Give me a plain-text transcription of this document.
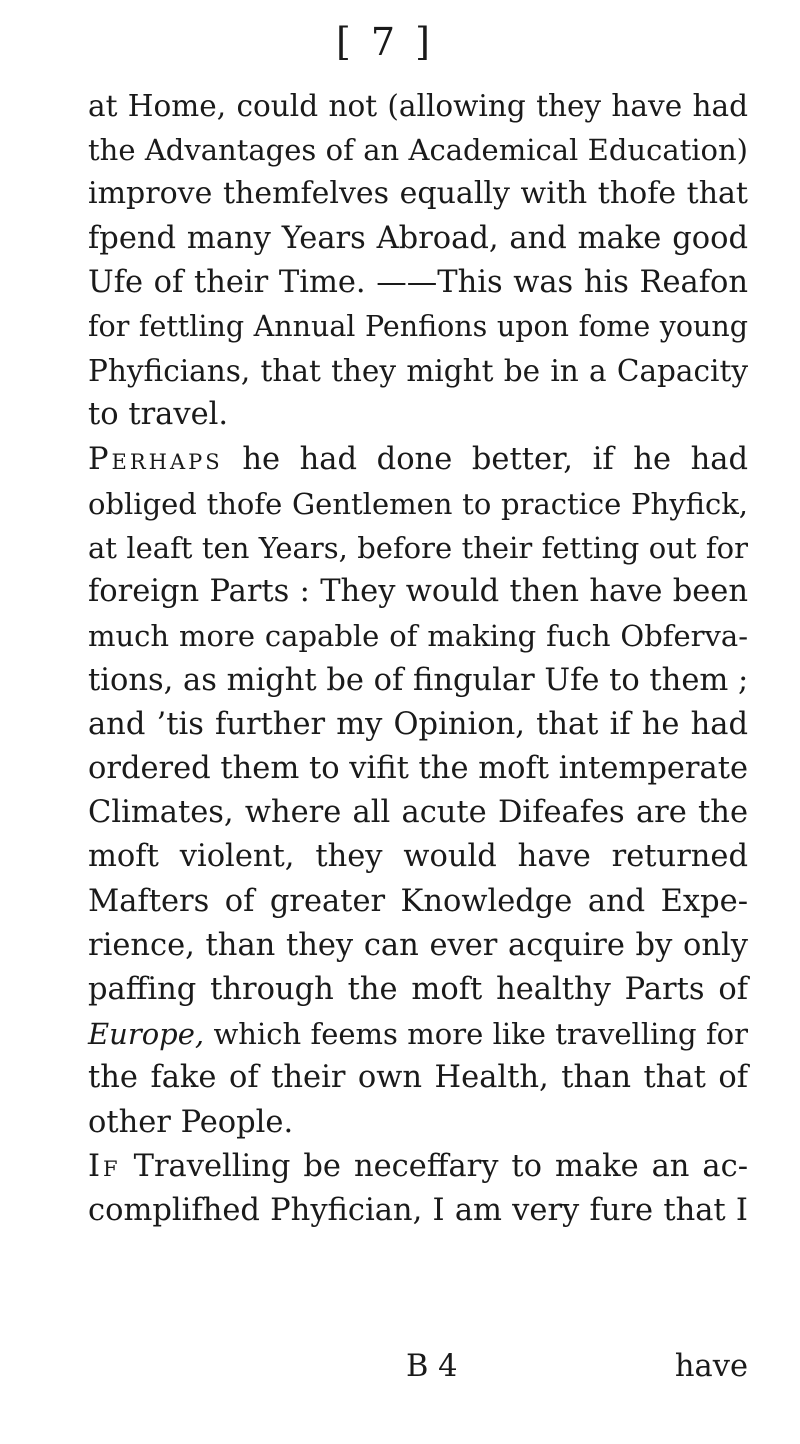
[ 7 ]
at Home, could not (allowing they have had
the Advantages of an Academical Education)
improve themfelves equally with thofe that
fpend many Years Abroad, and make good
Ufe of their Time. ——This was his Reafon
for fettling Annual Penfions upon fome young
Phyficians, that they might be in a Capacity
to travel.
Perhaps he had done better, if he had
obliged thofe Gentlemen to practice Phyfick,
at leaft ten Years, before their fetting out for
foreign Parts : They would then have been
much more capable of making fuch Obferva-
tions, as might be of fingular Ufe to them ;
and ’tis further my Opinion, that if he had
ordered them to vifit the moft intemperate
Climates, where all acute Difeafes are the
moft violent, they would have returned
Mafters of greater Knowledge and Expe-
rience, than they can ever acquire by only
paffing through the moft healthy Parts of
Europe, which feems more like travelling for
the fake of their own Health, than that of
other People.
If Travelling be neceffary to make an ac-
complifhed Phyfician, I am very fure that I
B 4	have
